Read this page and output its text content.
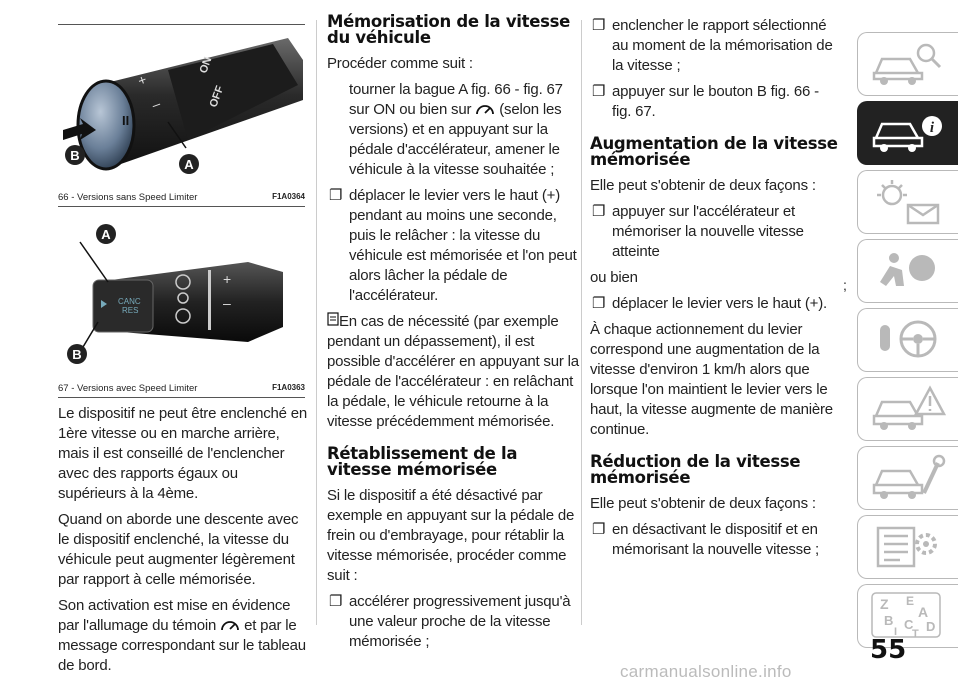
II
+
–
ON
OFF
A
B
66 - Versions sans Speed Limiter	F1A0364
CANC
RES
+
–
A
B
67 - Versions avec Speed Limiter	F1A0363

Le dispositif ne peut être enclenché en 1ère vitesse ou en marche arrière, mais il est conseillé de l'enclencher avec des rapports égaux ou supérieurs à la 4ème.

Quand on aborde une descente avec le dispositif enclenché, la vitesse du véhicule peut augmenter légèrement par rapport à celle mémorisée.

Son activation est mise en évidence par l'allumage du témoin et par le message correspondant sur le tableau de bord.

Mémorisation de la vitesse du véhicule

Procéder comme suit :

tourner la bague A fig. 66 - fig. 67 sur ON ou bien sur (selon les versions) et en appuyant sur la pédale d'accélérateur, amener le véhicule à la vitesse souhaitée ;

❐ déplacer le levier vers le haut (+) pendant au moins une seconde, puis le relâcher : la vitesse du véhicule est mémorisée et l'on peut alors lâcher la pédale de l'accélérateur.
En cas de nécessité (par exemple pendant un dépassement), il est possible d'accélérer en appuyant sur la pédale de l'accélérateur : en relâchant la pédale, le véhicule retourne à la vitesse précédemment mémorisée.
Rétablissement de la vitesse mémorisée

Si le dispositif a été désactivé par exemple en appuyant sur la pédale de frein ou d'embrayage, pour rétablir la vitesse mémorisée, procéder comme suit :

❐ accélérer progressivement jusqu'à une valeur proche de la vitesse mémorisée ;
❐ enclencher le rapport sélectionné au moment de la mémorisation de la vitesse ;
❐ appuyer sur le bouton B fig. 66 - fig. 67.
Augmentation de la vitesse mémorisée

Elle peut s'obtenir de deux façons :

❐ appuyer sur l'accélérateur et mémoriser la nouvelle vitesse atteinte

ou bien

❐ déplacer le levier vers le haut (+).

À chaque actionnement du levier correspond une augmentation de la vitesse d'environ 1 km/h alors que lorsque l'on maintient le levier vers le haut, la vitesse augmente de manière continue.

Réduction de la vitesse mémorisée

Elle peut s'obtenir de deux façons :

❐ en désactivant le dispositif et en mémorisant la nouvelle vitesse ;
;
i
Z E
A
B C D
I T
55
carmanualsonline.info
